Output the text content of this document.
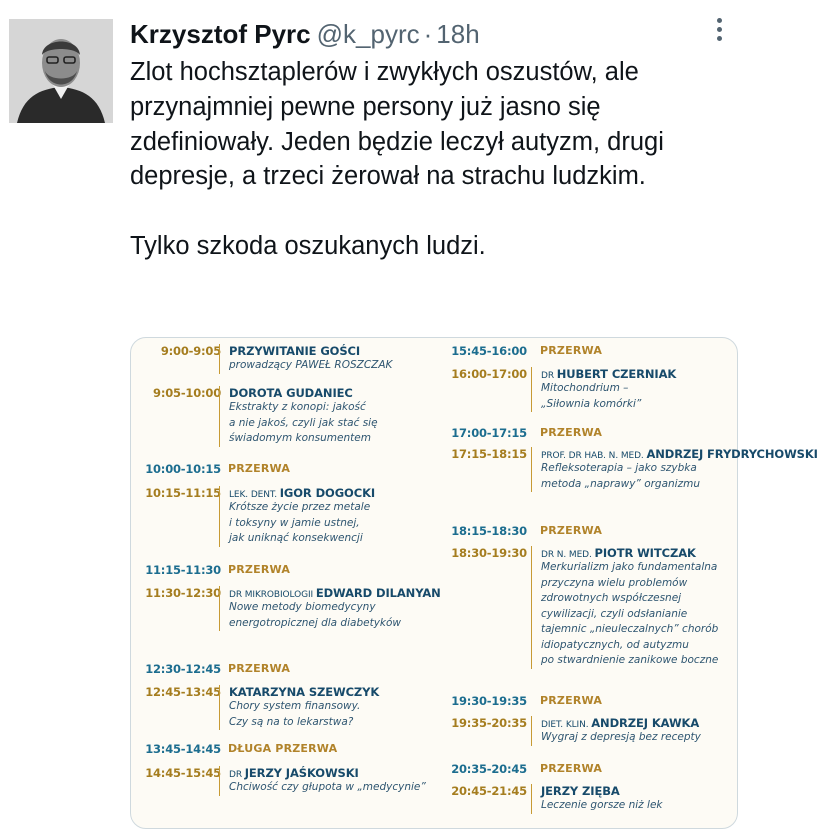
Krzysztof Pyrc @k_pyrc · 18h

Zlot hochsztaplerów i zwykłych oszustów, ale przynajmniej pewne persony już jasno się zdefiniowały. Jeden będzie leczył autyzm, drugi depresje, a trzeci żerował na strachu ludzkim.

Tylko szkoda oszukanych ludzi.

9:00-9:05 PRZYWITANIE GOŚCI
prowadzący PAWEŁ ROSZCZAK
9:05-10:00 DOROTA GUDANIEC
Ekstrakty z konopi: jakość
a nie jakoś, czyli jak stać się
świadomym konsumentem
10:00-10:15 PRZERWA
10:15-11:15 LEK. DENT. IGOR DOGOCKI
Krótsze życie przez metale
i toksyny w jamie ustnej,
jak uniknąć konsekwencji
11:15-11:30 PRZERWA
11:30-12:30 DR MIKROBIOLOGII EDWARD DILANYAN
Nowe metody biomedycyny
energotropicznej dla diabetyków
12:30-12:45 PRZERWA
12:45-13:45 KATARZYNA SZEWCZYK
Chory system finansowy.
Czy są na to lekarstwa?
13:45-14:45 DŁUGA PRZERWA
14:45-15:45 DR JERZY JAŚKOWSKI
Chciwość czy głupota w „medycynie”
15:45-16:00 PRZERWA
16:00-17:00 DR HUBERT CZERNIAK
Mitochondrium –
„Siłownia komórki”
17:00-17:15 PRZERWA
17:15-18:15 PROF. DR HAB. N. MED. ANDRZEJ FRYDRYCHOWSKI
Refleksoterapia – jako szybka
metoda „naprawy” organizmu
18:15-18:30 PRZERWA
18:30-19:30 DR N. MED. PIOTR WITCZAK
Merkurializm jako fundamentalna
przyczyna wielu problemów
zdrowotnych współczesnej
cywilizacji, czyli odsłanianie
tajemnic „nieuleczalnych” chorób
idiopatycznych, od autyzmu
po stwardnienie zanikowe boczne
19:30-19:35 PRZERWA
19:35-20:35 DIET. KLIN. ANDRZEJ KAWKA
Wygraj z depresją bez recepty
20:35-20:45 PRZERWA
20:45-21:45 JERZY ZIĘBA
Leczenie gorsze niż lek
